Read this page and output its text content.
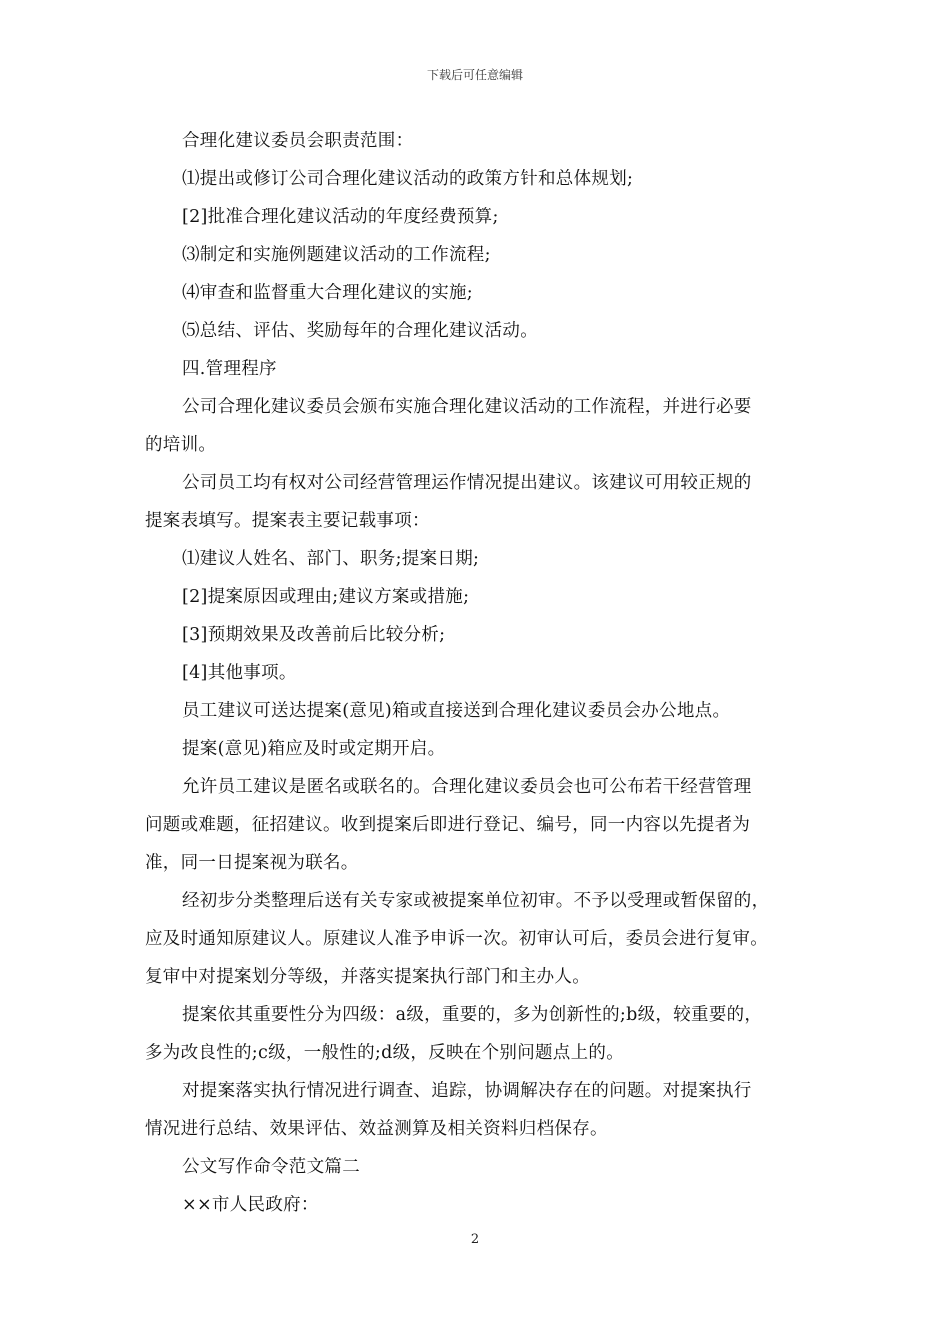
下载后可任意编辑
合理化建议委员会职责范围：
⑴提出或修订公司合理化建议活动的政策方针和总体规划;
[2]批准合理化建议活动的年度经费预算;
⑶制定和实施例题建议活动的工作流程;
⑷审查和监督重大合理化建议的实施;
⑸总结、评估、奖励每年的合理化建议活动。
四.管理程序
公司合理化建议委员会颁布实施合理化建议活动的工作流程，并进行必要
的培训。
公司员工均有权对公司经营管理运作情况提出建议。该建议可用较正规的
提案表填写。提案表主要记载事项：
⑴建议人姓名、部门、职务;提案日期;
[2]提案原因或理由;建议方案或措施;
[3]预期效果及改善前后比较分析;
[4]其他事项。
员工建议可送达提案(意见)箱或直接送到合理化建议委员会办公地点。
提案(意见)箱应及时或定期开启。
允许员工建议是匿名或联名的。合理化建议委员会也可公布若干经营管理
问题或难题，征招建议。收到提案后即进行登记、编号，同一内容以先提者为
准，同一日提案视为联名。
经初步分类整理后送有关专家或被提案单位初审。不予以受理或暂保留的，
应及时通知原建议人。原建议人准予申诉一次。初审认可后，委员会进行复审。
复审中对提案划分等级，并落实提案执行部门和主办人。
提案依其重要性分为四级：a级，重要的，多为创新性的;b级，较重要的，
多为改良性的;c级，一般性的;d级，反映在个别问题点上的。
对提案落实执行情况进行调查、追踪，协调解决存在的问题。对提案执行
情况进行总结、效果评估、效益测算及相关资料归档保存。
公文写作命令范文篇二
××市人民政府：
2
